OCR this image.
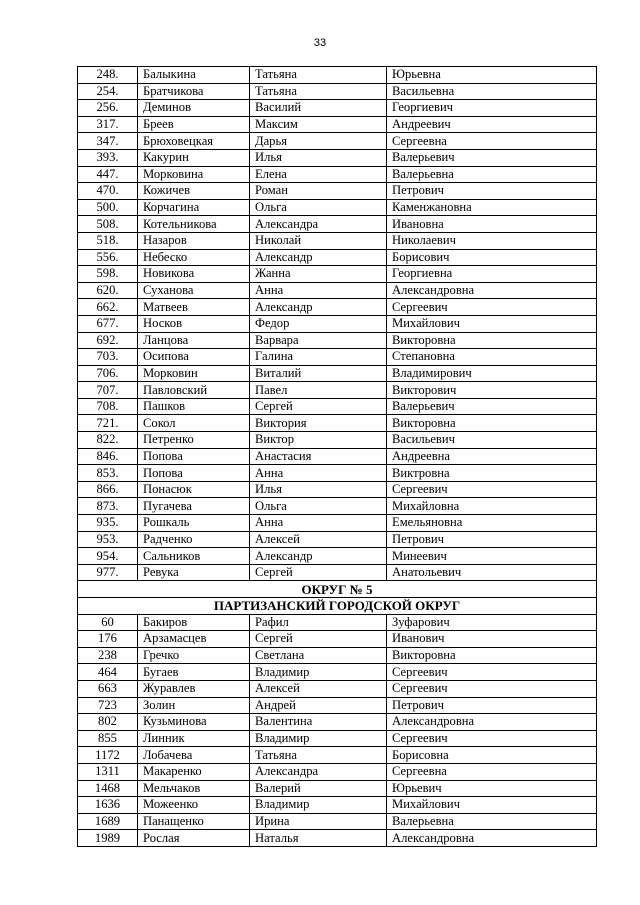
33
248.	Балыкина	Татьяна	Юрьевна
254.	Братчикова	Татьяна	Васильевна
256.	Деминов	Василий	Георгиевич
317.	Бреев	Максим	Андреевич
347.	Брюховецкая	Дарья	Сергеевна
393.	Какурин	Илья	Валерьевич
447.	Морковина	Елена	Валерьевна
470.	Кожичев	Роман	Петрович
500.	Корчагина	Ольга	Каменжановна
508.	Котельникова	Александра	Ивановна
518.	Назаров	Николай	Николаевич
556.	Небеско	Александр	Борисович
598.	Новикова	Жанна	Георгиевна
620.	Суханова	Анна	Александровна
662.	Матвеев	Александр	Сергеевич
677.	Носков	Федор	Михайлович
692.	Ланцова	Варвара	Викторовна
703.	Осипова	Галина	Степановна
706.	Морковин	Виталий	Владимирович
707.	Павловский	Павел	Викторович
708.	Пашков	Сергей	Валерьевич
721.	Сокол	Виктория	Викторовна
822.	Петренко	Виктор	Васильевич
846.	Попова	Анастасия	Андреевна
853.	Попова	Анна	Виктровна
866.	Понасюк	Илья	Сергеевич
873.	Пугачева	Ольга	Михайловна
935.	Рошкаль	Анна	Емельяновна
953.	Радченко	Алексей	Петрович
954.	Сальников	Александр	Минеевич
977.	Ревука	Сергей	Анатольевич
ОКРУГ № 5			
ПАРТИЗАНСКИЙ ГОРОДСКОЙ ОКРУГ			
60	Бакиров	Рафил	Зуфарович
176	Арзамасцев	Сергей	Иванович
238	Гречко	Светлана	Викторовна
464	Бугаев	Владимир	Сергеевич
663	Журавлев	Алексей	Сергеевич
723	Золин	Андрей	Петрович
802	Кузьминова	Валентина	Александровна
855	Линник	Владимир	Сергеевич
1172	Лобачева	Татьяна	Борисовна
1311	Макаренко	Александра	Сергеевна
1468	Мельчаков	Валерий	Юрьевич
1636	Можеенко	Владимир	Михайлович
1689	Панащенко	Ирина	Валерьевна
1989	Рослая	Наталья	Александровна
